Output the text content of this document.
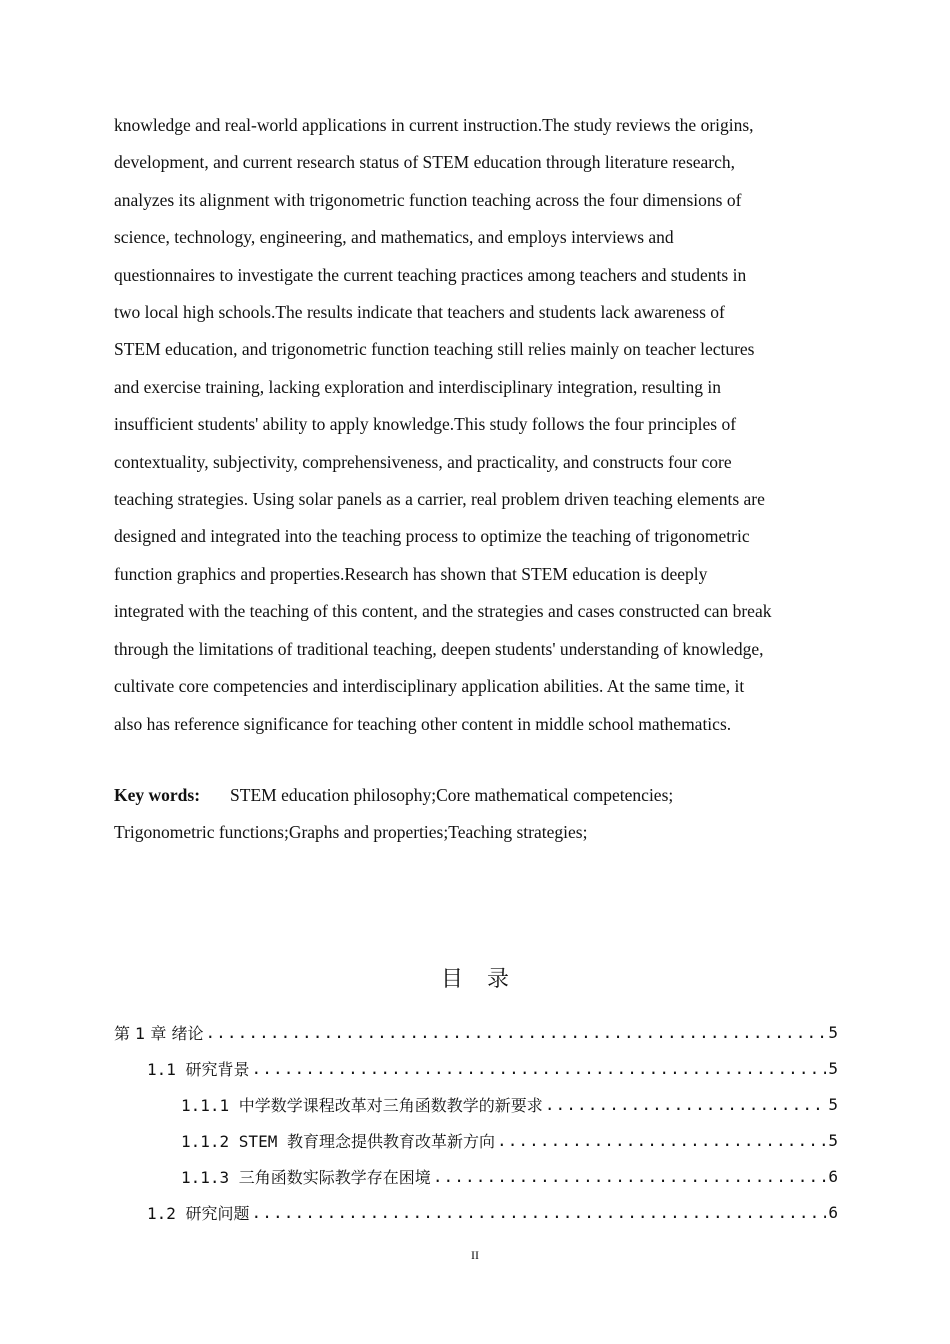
knowledge and real-world applications in current instruction.The study reviews the origins,
development, and current research status of STEM education through literature research,
analyzes its alignment with trigonometric function teaching across the four dimensions of
science, technology, engineering, and mathematics, and employs interviews and
questionnaires to investigate the current teaching practices among teachers and students in
two local high schools.The results indicate that teachers and students lack awareness of
STEM education, and trigonometric function teaching still relies mainly on teacher lectures
and exercise training, lacking exploration and interdisciplinary integration, resulting in
insufficient students' ability to apply knowledge.This study follows the four principles of
contextuality, subjectivity, comprehensiveness, and practicality, and constructs four core
teaching strategies. Using solar panels as a carrier, real problem driven teaching elements are
designed and integrated into the teaching process to optimize the teaching of trigonometric
function graphics and properties.Research has shown that STEM education is deeply
integrated with the teaching of this content, and the strategies and cases constructed can break
through the limitations of traditional teaching, deepen students' understanding of knowledge,
cultivate core competencies and interdisciplinary application abilities. At the same time, it
also has reference significance for teaching other content in middle school mathematics.
Key words: STEM education philosophy;Core mathematical competencies;
Trigonometric functions;Graphs and properties;Teaching strategies;
目录
第 1 章 绪论 .....	5
1.1 研究背景 .....	5
1.1.1 中学数学课程改革对三角函数教学的新要求 .....	5
1.1.2 STEM 教育理念提供教育改革新方向 .....	5
1.1.3 三角函数实际教学存在困境 .....	6
1.2 研究问题 .....	6
II
